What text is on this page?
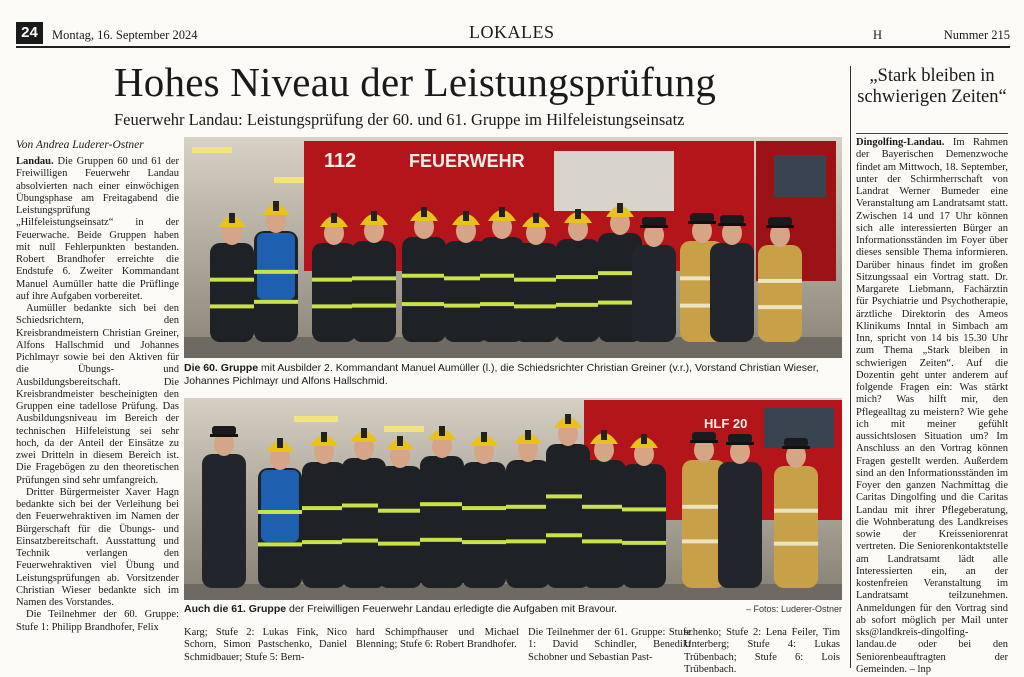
24	Montag, 16. September 2024	LOKALES	H	Nummer 215
Hohes Niveau der Leistungsprüfung
Feuerwehr Landau: Leistungsprüfung der 60. und 61. Gruppe im Hilfeleistungseinsatz
Von Andrea Luderer-Ostner

Landau. Die Gruppen 60 und 61 der Freiwilligen Feuerwehr Landau absolvierten nach einer einwöchigen Übungsphase am Freitagabend die Leistungsprüfung „Hilfeleistungseinsatz“ in der Feuerwache. Beide Gruppen haben mit null Fehlerpunkten bestanden. Robert Brandhofer erreichte die Endstufe 6. Zweiter Kommandant Manuel Aumüller hatte die Prüflinge auf ihre Aufgaben vorbereitet.

Aumüller bedankte sich bei den Schiedsrichtern, den Kreisbrandmeistern Christian Greiner, Alfons Hallschmid und Johannes Pichlmayr sowie bei den Aktiven für die Übungs- und Ausbildungsbereitschaft. Die Kreisbrandmeister bescheinigten den Gruppen eine tadellose Prüfung. Das Ausbildungsniveau im Bereich der technischen Hilfeleistung sei sehr hoch, da der Anteil der Einsätze zu zwei Dritteln in diesem Bereich ist. Die Fragebögen zu den theoretischen Prüfungen sind sehr umfangreich.

Dritter Bürgermeister Xaver Hagn bedankte sich bei der Verleihung bei den Feuerwehraktiven im Namen der Bürgerschaft für die Übungs- und Einsatzbereitschaft. Ausstattung und Technik verlangen den Feuerwehraktiven viel Übung und Leistungsprüfungen ab. Vorsitzender Christian Wieser bedankte sich im Namen des Vorstandes.

Die Teilnehmer der 60. Gruppe: Stufe 1: Philipp Brandhofer, Felix

112	FEUERWEHR
Die 60. Gruppe mit Ausbilder 2. Kommandant Manuel Aumüller (l.), die Schiedsrichter Christian Greiner (v.r.), Vorstand Christian Wieser, Johannes Pichlmayr und Alfons Hallschmid.
HLF 20
Auch die 61. Gruppe der Freiwilligen Feuerwehr Landau erledigte die Aufgaben mit Bravour.	– Fotos: Luderer-Ostner
Karg; Stufe 2: Lukas Fink, Nico Schorn, Simon Pastschenko, Daniel Schmidbauer; Stufe 5: Bern-
hard Schimpfhauser und Michael Blenning; Stufe 6: Robert Brandhofer.
Die Teilnehmer der 61. Gruppe: Stufe 1: David Schindler, Benedikt Schobner und Sebastian Past-
schenko; Stufe 2: Lena Feiler, Tim Unterberg; Stufe 4: Lukas Trübenbach; Stufe 6: Lois Trübenbach.
„Stark bleiben in schwierigen Zeiten“
Dingolfing-Landau. Im Rahmen der Bayerischen Demenzwoche findet am Mittwoch, 18. September, unter der Schirmherrschaft von Landrat Werner Bumeder eine Veranstaltung am Landratsamt statt. Zwischen 14 und 17 Uhr können sich alle interessierten Bürger an Informationsständen im Foyer über dieses sensible Thema informieren. Darüber hinaus findet im großen Sitzungssaal ein Vortrag statt. Dr. Margarete Liebmann, Fachärztin für Psychiatrie und Psychotherapie, ärztliche Direktorin des Ameos Klinikums Inntal in Simbach am Inn, spricht von 14 bis 15.30 Uhr zum Thema „Stark bleiben in schwierigen Zeiten“. Auf die Dozentin geht unter anderem auf folgende Fragen ein: Was stärkt mich? Was hilft mir, den Pflegealltag zu meistern? Wie gehe ich mit meiner gefühlt aussichtslosen Situation um? Im Anschluss an den Vortrag können Fragen gestellt werden. Außerdem sind an den Informationsständen im Foyer den ganzen Nachmittag die Caritas Dingolfing und die Caritas Landau mit ihrer Pflegeberatung, die Wohnberatung des Landkreises sowie der Kreisseniorenrat vertreten. Die Seniorenkontaktstelle am Landratsamt lädt alle Interessierten ein, an der kostenfreien Veranstaltung im Landratsamt teilzunehmen. Anmeldungen für den Vortrag sind ab sofort möglich per Mail unter sks@landkreis-dingolfing-landau.de oder bei den Seniorenbeauftragten der Gemeinden. – lnp
